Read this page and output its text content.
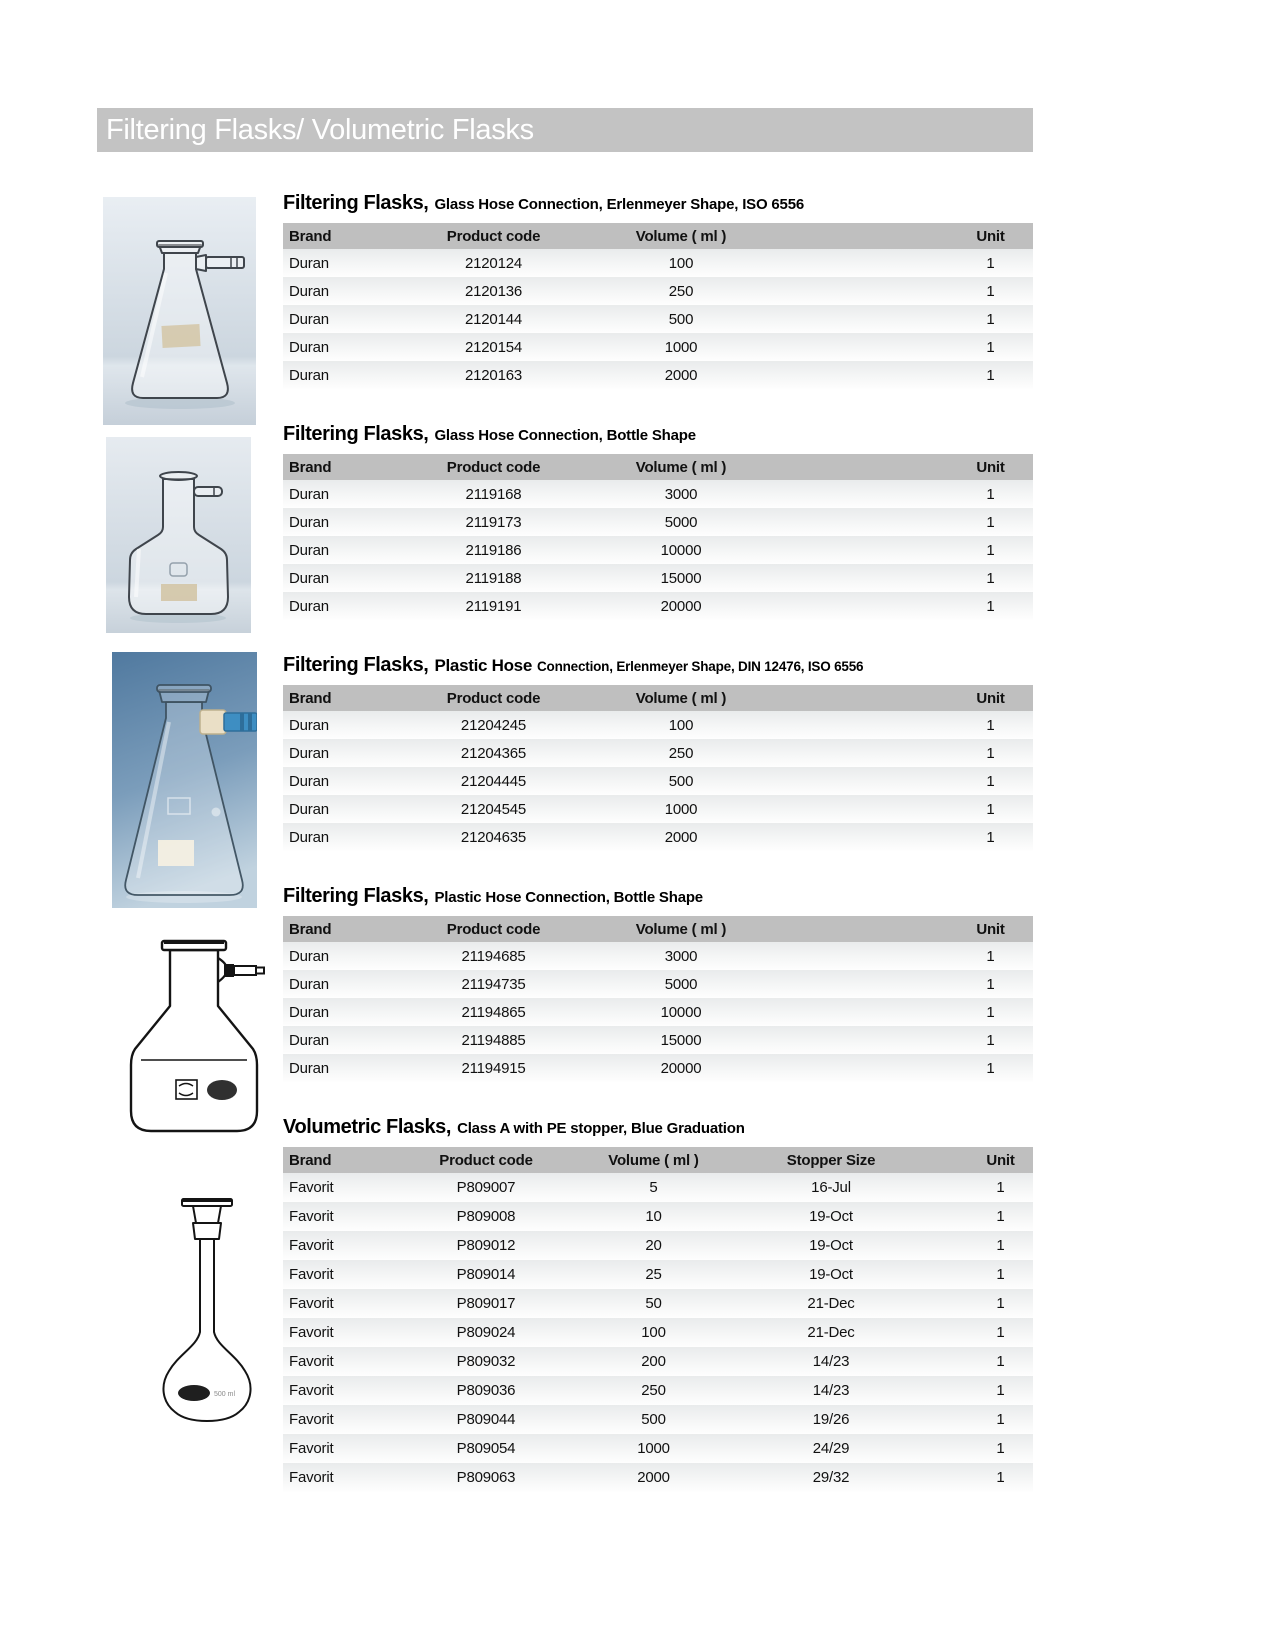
Filtering Flasks/ Volumetric Flasks
500 ml
Filtering Flasks, Glass Hose Connection, Erlenmeyer Shape, ISO 6556
Brand	Product code	Volume ( ml )		Unit
Duran	2120124	100		1
Duran	2120136	250		1
Duran	2120144	500		1
Duran	2120154	1000		1
Duran	2120163	2000		1
Filtering Flasks, Glass Hose Connection, Bottle Shape
Brand	Product code	Volume ( ml )		Unit
Duran	2119168	3000		1
Duran	2119173	5000		1
Duran	2119186	10000		1
Duran	2119188	15000		1
Duran	2119191	20000		1
Filtering Flasks, Plastic Hose Connection, Erlenmeyer Shape, DIN 12476, ISO 6556
Brand	Product code	Volume ( ml )		Unit
Duran	21204245	100		1
Duran	21204365	250		1
Duran	21204445	500		1
Duran	21204545	1000		1
Duran	21204635	2000		1
Filtering Flasks, Plastic Hose Connection, Bottle Shape
Brand	Product code	Volume ( ml )		Unit
Duran	21194685	3000		1
Duran	21194735	5000		1
Duran	21194865	10000		1
Duran	21194885	15000		1
Duran	21194915	20000		1
Volumetric Flasks, Class A with PE stopper, Blue Graduation
Brand	Product code	Volume ( ml )	Stopper Size		Unit
Favorit	P809007	5	16-Jul		1
Favorit	P809008	10	19-Oct		1
Favorit	P809012	20	19-Oct		1
Favorit	P809014	25	19-Oct		1
Favorit	P809017	50	21-Dec		1
Favorit	P809024	100	21-Dec		1
Favorit	P809032	200	14/23		1
Favorit	P809036	250	14/23		1
Favorit	P809044	500	19/26		1
Favorit	P809054	1000	24/29		1
Favorit	P809063	2000	29/32		1
